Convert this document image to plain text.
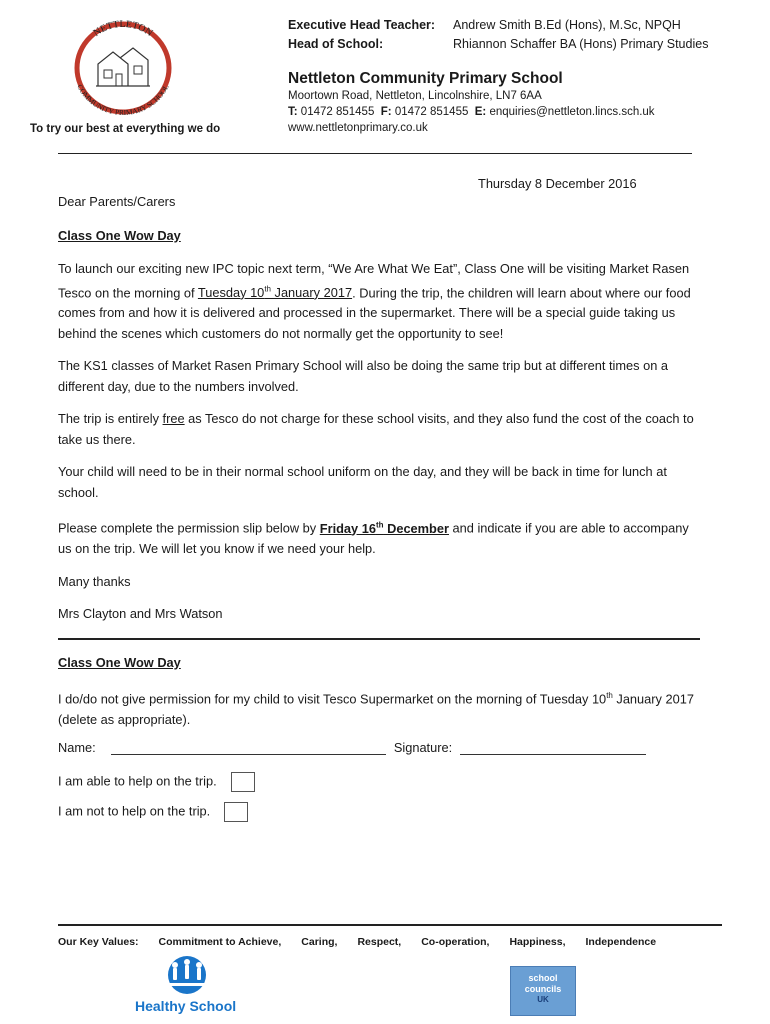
NETTLETON
COMMUNITY PRIMARY SCHOOL
To try our best at everything we do
Executive Head Teacher: Andrew Smith B.Ed (Hons), M.Sc, NPQH
Head of School:	Rhiannon Schaffer BA (Hons) Primary Studies
Nettleton Community Primary School
Moortown Road, Nettleton, Lincolnshire, LN7 6AA
T: 01472 851455 F: 01472 851455 E: enquiries@nettleton.lincs.sch.uk
www.nettletonprimary.co.uk
Thursday 8 December 2016
Dear Parents/Carers
Class One Wow Day

To launch our exciting new IPC topic next term, “We Are What We Eat”, Class One will be visiting Market Rasen Tesco on the morning of Tuesday 10th January 2017. During the trip, the children will learn about where our food comes from and how it is delivered and processed in the supermarket. There will be a special guide taking us behind the scenes which customers do not normally get the opportunity to see!

The KS1 classes of Market Rasen Primary School will also be doing the same trip but at different times on a different day, due to the numbers involved.

The trip is entirely free as Tesco do not charge for these school visits, and they also fund the cost of the coach to take us there.

Your child will need to be in their normal school uniform on the day, and they will be back in time for lunch at school.

Please complete the permission slip below by Friday 16th December and indicate if you are able to accompany us on the trip. We will let you know if we need your help.

Many thanks

Mrs Clayton and Mrs Watson

Class One Wow Day
I do/do not give permission for my child to visit Tesco Supermarket on the morning of Tuesday 10th January 2017 (delete as appropriate).
Name:	Signature:
I am able to help on the trip.
I am not to help on the trip.
Our Key Values: Commitment to Achieve, Caring, Respect, Co-operation, Happiness, Independence
Healthy School
school
councils
UK
